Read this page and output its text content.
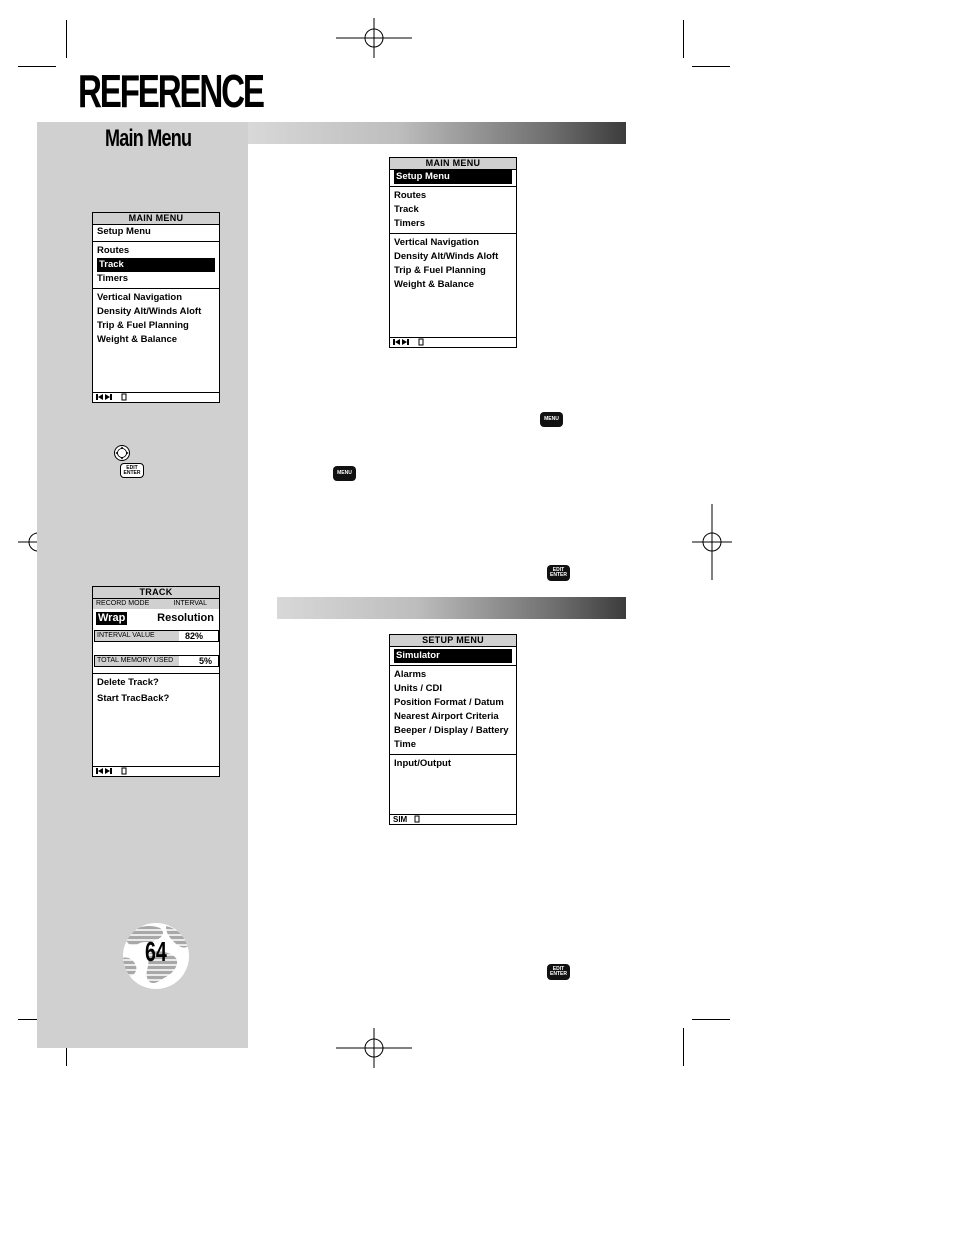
REFERENCE
Main Menu
MAIN MENU
Setup Menu
Routes
Track
Timers
Vertical Navigation
Density Alt/Winds Aloft
Trip & Fuel Planning
Weight & Balance
MAIN MENU
Setup Menu
Routes
Track
Timers
Vertical Navigation
Density Alt/Winds Aloft
Trip & Fuel Planning
Weight & Balance
TRACK
RECORD MODE	INTERVAL
Wrap	Resolution
INTERVAL VALUE	82%
TOTAL MEMORY USED	5%
Delete Track?
Start TracBack?
SETUP MENU
Simulator
Alarms
Units / CDI
Position Format / Datum
Nearest Airport Criteria
Beeper / Display / Battery
Time
Input/Output
SIM
MENU
MENU
EDIT
ENTER
EDIT
ENTER
EDIT
ENTER
64
